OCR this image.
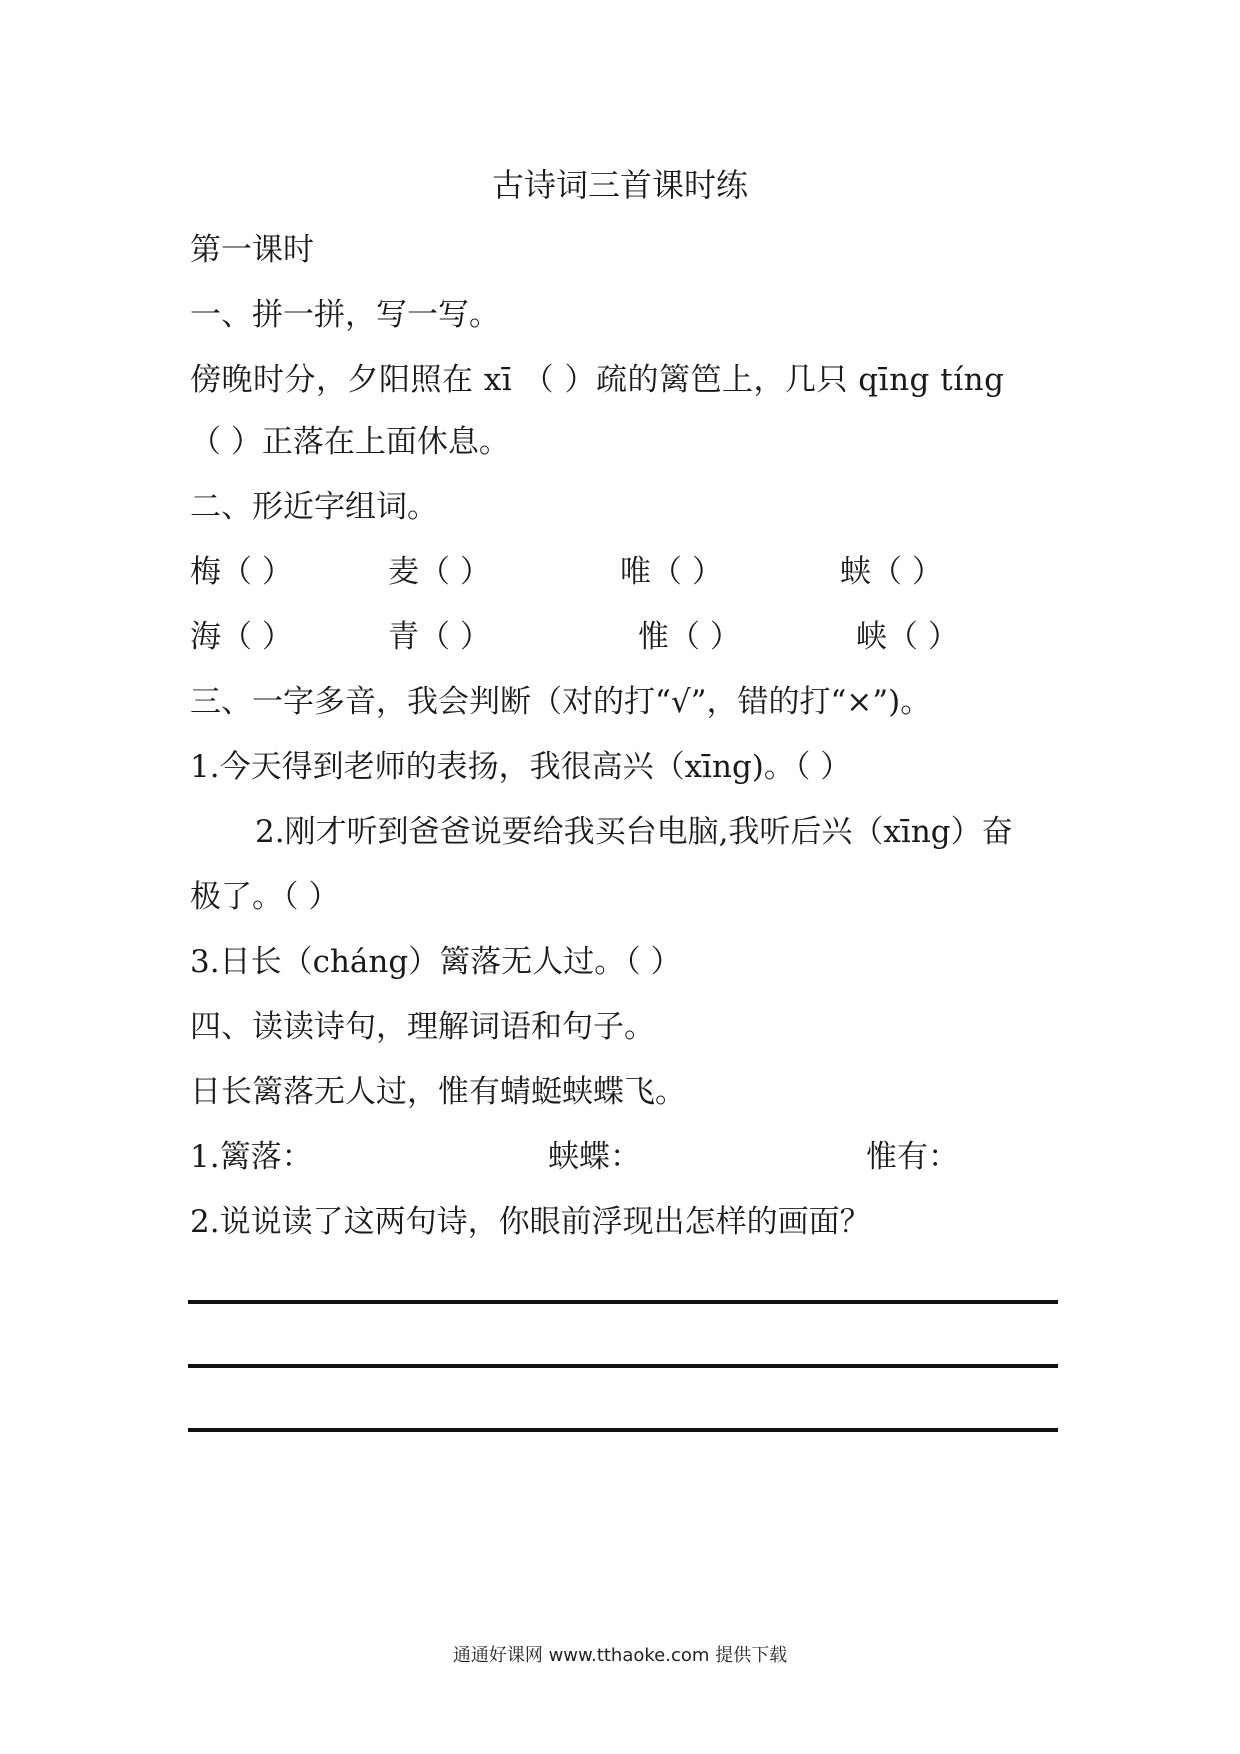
古诗词三首课时练
第一课时
一、拼一拼，写一写。
傍晚时分，夕阳照在 xī （ ）疏的篱笆上，几只 qīng tíng
（ ）正落在上面休息。
二、形近字组词。
梅（ ）	麦（ ）	唯（ ）	蛱（ ）
海（ ）	青（ ）	惟（ ）	峡（ ）
三、一字多音，我会判断（对的打“√”，错的打“×”)。
1.今天得到老师的表扬，我很高兴（xīng)。（ ）
2.刚才听到爸爸说要给我买台电脑,我听后兴（xīng）奋
极了。（ ）
3.日长（cháng）篱落无人过。（ ）
四、读读诗句，理解词语和句子。
日长篱落无人过，惟有蜻蜓蛱蝶飞。
1.篱落：	蛱蝶：	惟有：
2.说说读了这两句诗，你眼前浮现出怎样的画面？
通通好课网 www.tthaoke.com 提供下载
